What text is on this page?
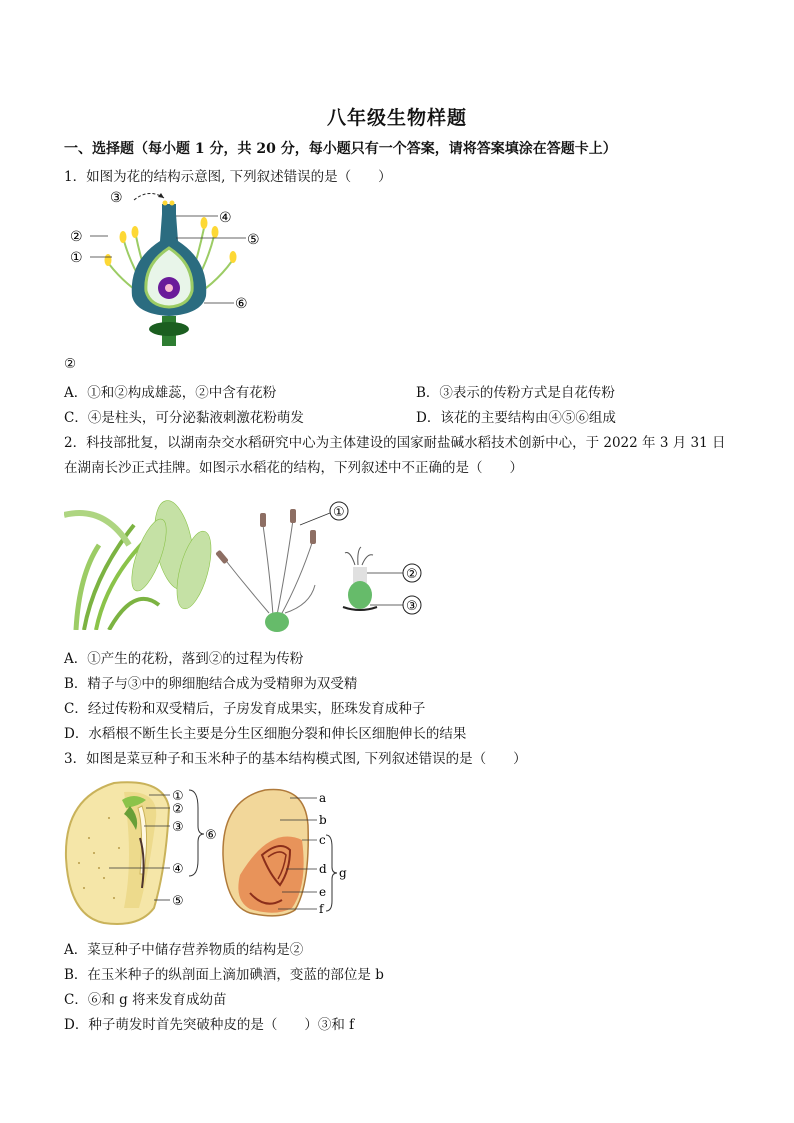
八年级生物样题
一、选择题（每小题 1 分，共 20 分，每小题只有一个答案，请将答案填涂在答题卡上）
1．如图为花的结构示意图, 下列叙述错误的是（　　）
③
②
①
④
⑤
⑥
②
A．①和②构成雄蕊，②中含有花粉	B．③表示的传粉方式是自花传粉
C．④是柱头，可分泌黏液刺激花粉萌发	D．该花的主要结构由④⑤⑥组成
2．科技部批复，以湖南杂交水稻研究中心为主体建设的国家耐盐碱水稻技术创新中心，于 2022 年 3 月 31 日
在湖南长沙正式挂牌。如图示水稻花的结构，下列叙述中不正确的是（　　）
①
②
③
A．①产生的花粉，落到②的过程为传粉
B．精子与③中的卵细胞结合成为受精卵为双受精
C．经过传粉和双受精后，子房发育成果实，胚珠发育成种子
D．水稻根不断生长主要是分生区细胞分裂和伸长区细胞伸长的结果
3．如图是菜豆种子和玉米种子的基本结构模式图, 下列叙述错误的是（　　）
①
②
③
④
⑤
⑥
a
b
c
d
e
f
g
A．菜豆种子中储存营养物质的结构是②
B．在玉米种子的纵剖面上滴加碘酒，变蓝的部位是 b
C．⑥和 g 将来发育成幼苗
D．种子萌发时首先突破种皮的是（　　）③和 f
